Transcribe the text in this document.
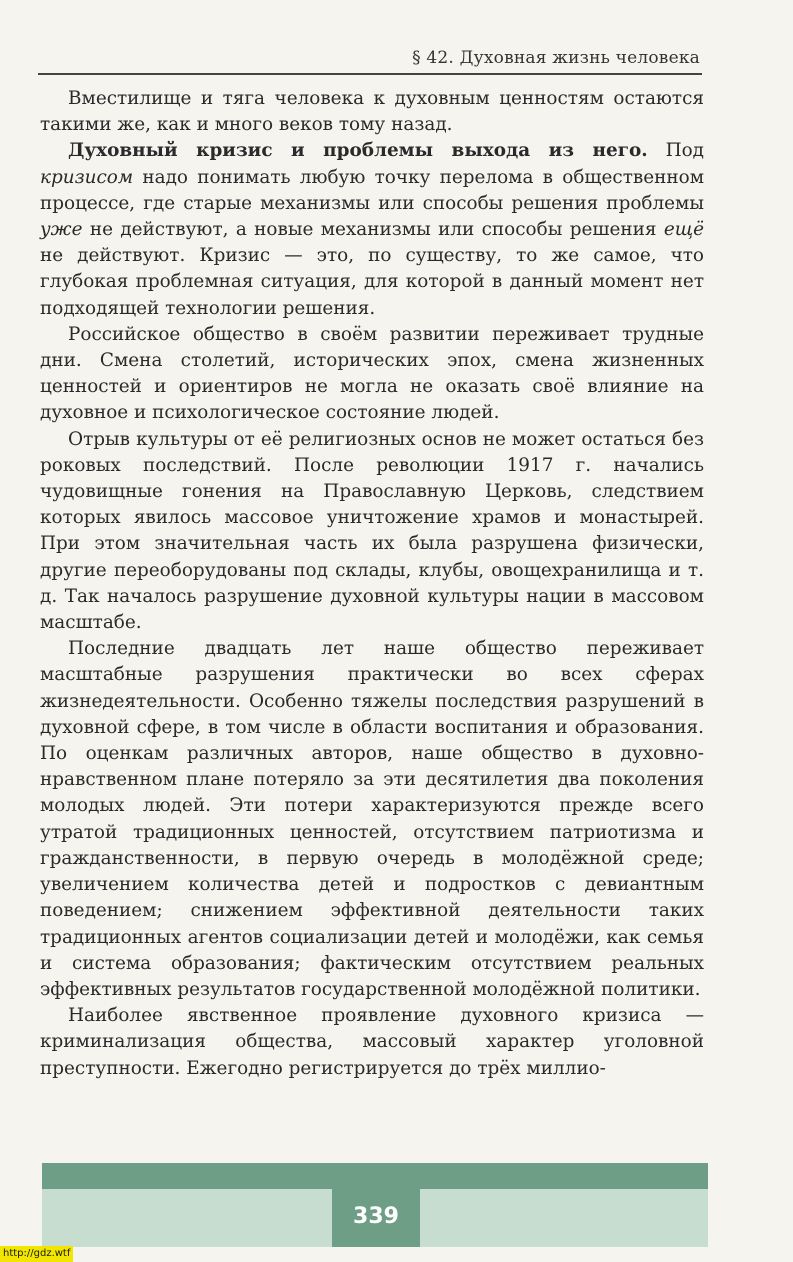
§ 42. Духовная жизнь человека

Вместилище и тяга человека к духовным ценностям остаются такими же, как и много веков тому назад.

Духовный кризис и проблемы выхода из него. Под кризисом надо понимать любую точку перелома в общественном процессе, где старые механизмы или способы решения проблемы уже не действуют, а новые механизмы или способы решения ещё не действуют. Кризис — это, по существу, то же самое, что глубокая проблемная ситуация, для которой в данный момент нет подходящей технологии решения.

Российское общество в своём развитии переживает трудные дни. Смена столетий, исторических эпох, смена жизненных ценностей и ориентиров не могла не оказать своё влияние на духовное и психологическое состояние людей.

Отрыв культуры от её религиозных основ не может остаться без роковых последствий. После революции 1917 г. начались чудовищные гонения на Православную Церковь, следствием которых явилось массовое уничтожение храмов и монастырей. При этом значительная часть их была разрушена физически, другие переоборудованы под склады, клубы, овощехранилища и т. д. Так началось разрушение духовной культуры нации в массовом масштабе.

Последние двадцать лет наше общество переживает масштабные разрушения практически во всех сферах жизнедеятельности. Особенно тяжелы последствия разрушений в духовной сфере, в том числе в области воспитания и образования. По оценкам различных авторов, наше общество в духовно-нравственном плане потеряло за эти десятилетия два поколения молодых людей. Эти потери характеризуются прежде всего утратой традиционных ценностей, отсутствием патриотизма и гражданственности, в первую очередь в молодёжной среде; увеличением количества детей и подростков с девиантным поведением; снижением эффективной деятельности таких традиционных агентов социализации детей и молодёжи, как семья и система образования; фактическим отсутствием реальных эффективных результатов государственной молодёжной политики.

Наиболее явственное проявление духовного кризиса — криминализация общества, массовый характер уголовной преступности. Ежегодно регистрируется до трёх миллио-

339
http://gdz.wtf
